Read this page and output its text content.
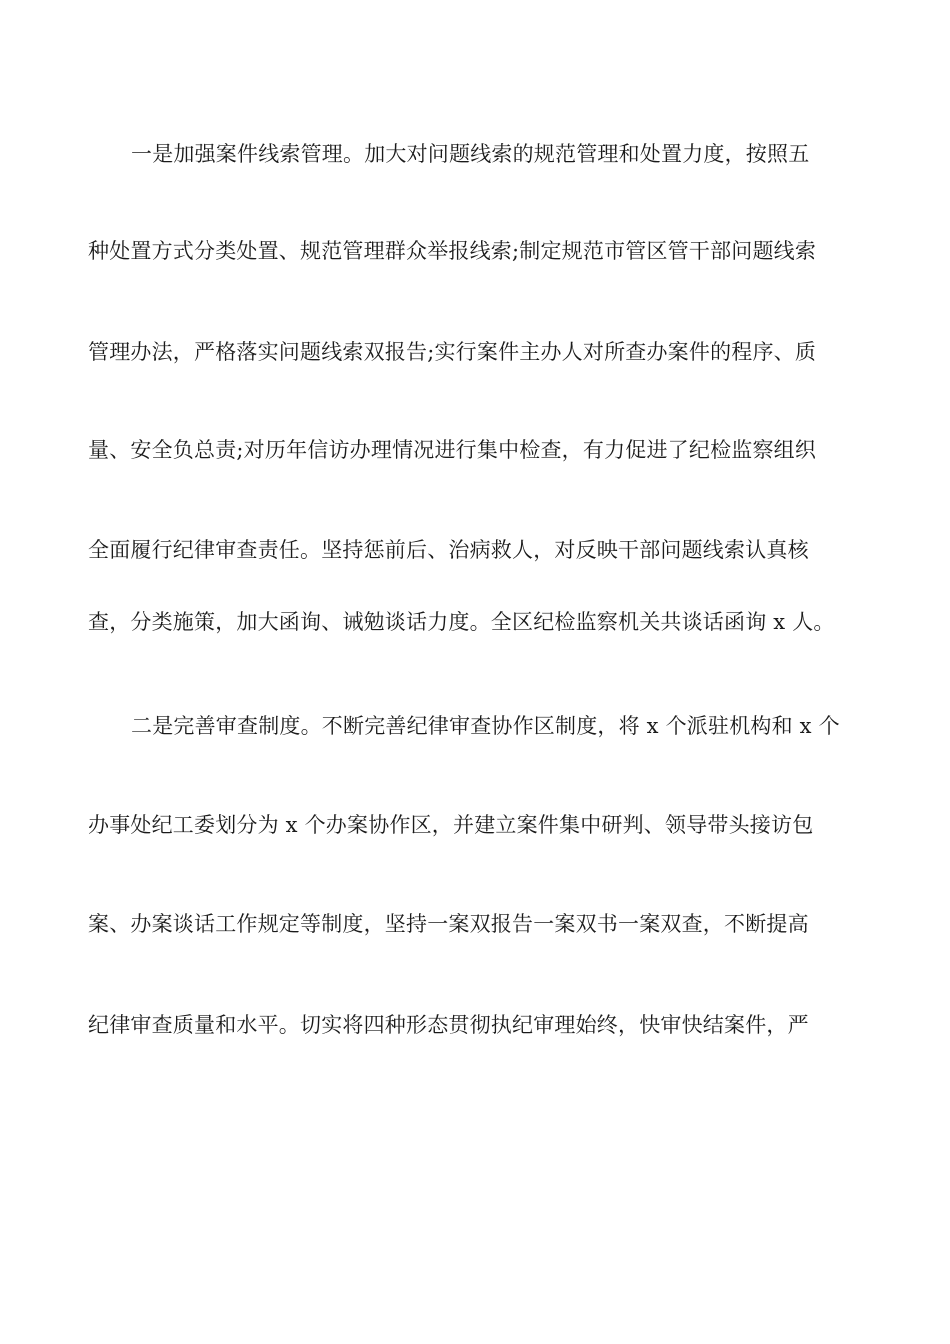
一是加强案件线索管理。加大对问题线索的规范管理和处置力度，按照五
种处置方式分类处置、规范管理群众举报线索;制定规范市管区管干部问题线索
管理办法，严格落实问题线索双报告;实行案件主办人对所查办案件的程序、质
量、安全负总责;对历年信访办理情况进行集中检查，有力促进了纪检监察组织
全面履行纪律审查责任。坚持惩前后、治病救人，对反映干部问题线索认真核
查，分类施策，加大函询、诫勉谈话力度。全区纪检监察机关共谈话函询 x 人。
二是完善审查制度。不断完善纪律审查协作区制度，将 x 个派驻机构和 x 个
办事处纪工委划分为 x 个办案协作区，并建立案件集中研判、领导带头接访包
案、办案谈话工作规定等制度，坚持一案双报告一案双书一案双查，不断提高
纪律审查质量和水平。切实将四种形态贯彻执纪审理始终，快审快结案件，严
